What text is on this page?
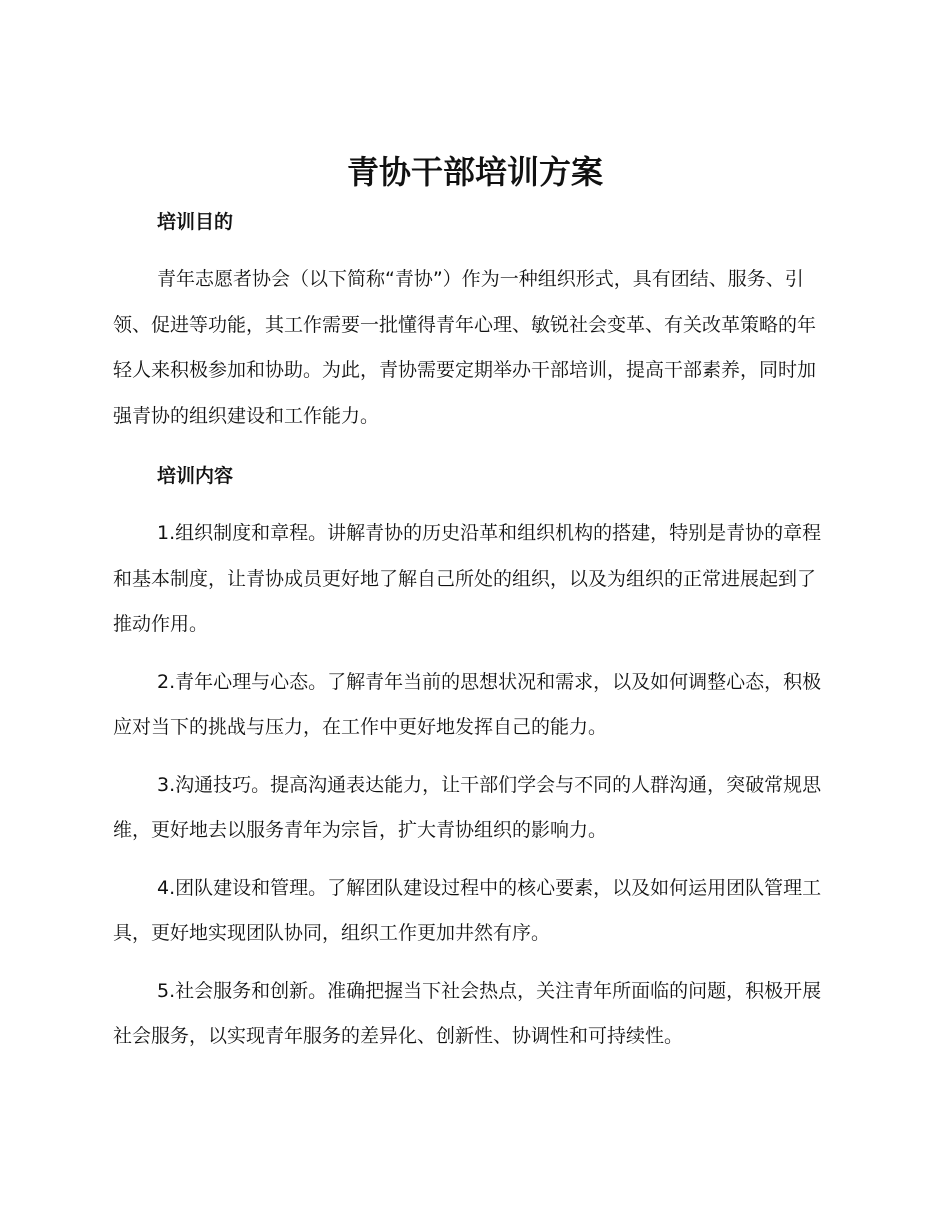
青协干部培训方案
培训目的

青年志愿者协会（以下简称“青协”）作为一种组织形式，具有团结、服务、引领、促进等功能，其工作需要一批懂得青年心理、敏锐社会变革、有关改革策略的年轻人来积极参加和协助。为此，青协需要定期举办干部培训，提高干部素养，同时加强青协的组织建设和工作能力。

培训内容

1.组织制度和章程。讲解青协的历史沿革和组织机构的搭建，特别是青协的章程和基本制度，让青协成员更好地了解自己所处的组织，以及为组织的正常进展起到了推动作用。

2.青年心理与心态。了解青年当前的思想状况和需求，以及如何调整心态，积极应对当下的挑战与压力，在工作中更好地发挥自己的能力。

3.沟通技巧。提高沟通表达能力，让干部们学会与不同的人群沟通，突破常规思维，更好地去以服务青年为宗旨，扩大青协组织的影响力。

4.团队建设和管理。了解团队建设过程中的核心要素，以及如何运用团队管理工具，更好地实现团队协同，组织工作更加井然有序。

5.社会服务和创新。准确把握当下社会热点，关注青年所面临的问题，积极开展社会服务，以实现青年服务的差异化、创新性、协调性和可持续性。
